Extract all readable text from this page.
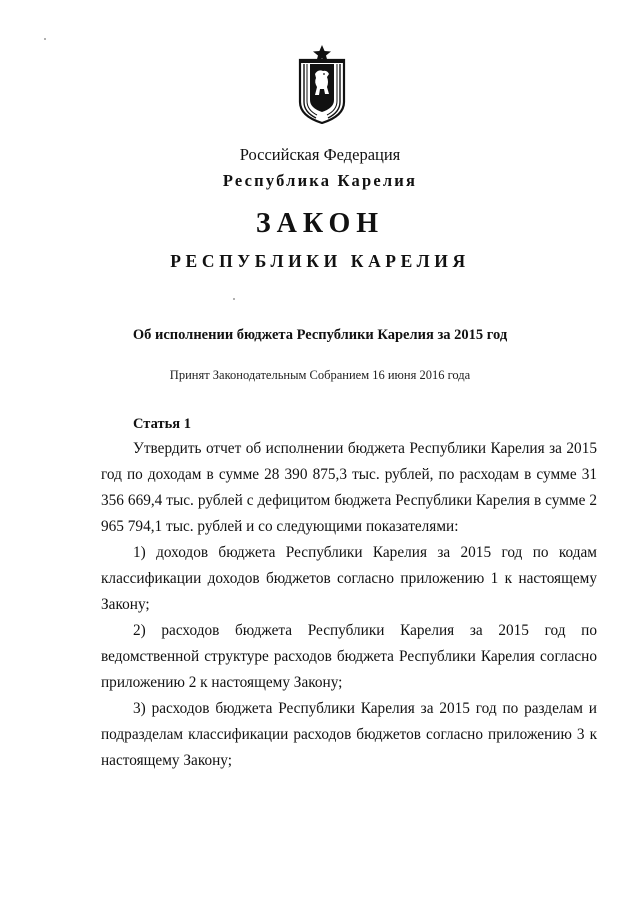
Российская Федерация
Республика Карелия
ЗАКОН
РЕСПУБЛИКИ КАРЕЛИЯ
Об исполнении бюджета Республики Карелия за 2015 год
Принят Законодательным Собранием 16 июня 2016 года
Статья 1

Утвердить отчет об исполнении бюджета Республики Карелия за 2015 год по доходам в сумме 28 390 875,3 тыс. рублей, по расходам в сумме 31 356 669,4 тыс. рублей с дефицитом бюджета Республики Карелия в сумме 2 965 794,1 тыс. рублей и со следующими показателями:

1) доходов бюджета Республики Карелия за 2015 год по кодам классификации доходов бюджетов согласно приложению 1 к настоящему Закону;

2) расходов бюджета Республики Карелия за 2015 год по ведомственной структуре расходов бюджета Республики Карелия согласно приложению 2 к настоящему Закону;

3) расходов бюджета Республики Карелия за 2015 год по разделам и подразделам классификации расходов бюджетов согласно приложению 3 к настоящему Закону;
